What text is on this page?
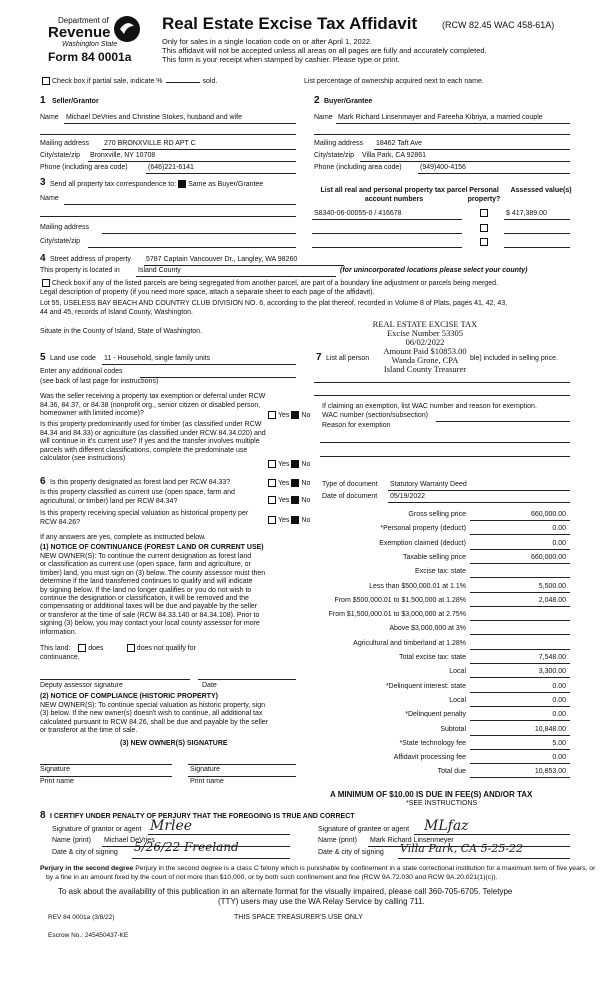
Department of
Revenue
Washington State
Form 84 0001a
Real Estate Excise Tax Affidavit	(RCW 82.45 WAC 458-61A)
Only for sales in a single location code on or after April 1, 2022.
This affidavit will not be accepted unless all areas on all pages are fully and accurately completed.
This form is your receipt when stamped by cashier. Please type or print.
Check box if partial sale, indicate %	sold.	List percentage of ownership acquired next to each name.
1 Seller/Grantor
Name Michael DeVries and Christine Stokes, husband and wife
Mailing address 270 BRONXVILLE RD APT C
City/state/zip Bronxville, NY 10708
Phone (including area code)	(646)221-6141
2 Buyer/Grantee
Name Mark Richard Linsenmayer and Fareeha Kibriya, a married couple
Mailing address 18462 Taft Ave
City/state/zip Villa Park, CA 92861
Phone (including area code)	(949)400-4156
3 Send all property tax correspondence to: Same as Buyer/Grantee
Name
Mailing address
City/state/zip
List all real and personal property tax parcel account numbers
Personal property?
Assessed value(s)
S8340-06-00055-0 / 416678	$ 417,389.00
4 Street address of property 5787 Captain Vancouver Dr., Langley, WA 98260
This property is located in	Island County	(for unincorporated locations please select your county)
Check box if any of the listed parcels are being segregated from another parcel, are part of a boundary line adjustment or parcels being merged.
Legal description of property (if you need more space, attach a separate sheet to each page of the affidavit).
Lot 55, USELESS BAY BEACH AND COUNTRY CLUB DIVISION NO. 6, according to the plat thereof, recorded in Volume 8 of Plats, pages 41, 42, 43,
44 and 45, records of Island County, Washington.
Situate in the County of Island, State of Washington.
REAL ESTATE EXCISE TAX
Excise Number 53305
06/02/2022
Amount Paid $10853.00
Wanda Grone, CPA
Island County Treasurer
5 Land use code 11 - Household, single family units
Enter any additional codes
(see back of last page for instructions)
Was the seller receiving a property tax exemption or deferral under RCW 84.36, 84.37, or 84.38 (nonprofit org., senior citizen or disabled person, homeowner with limited income)?	Yes No
Is this property predominantly used for timber (as classified under RCW 84.34 and 84.33) or agriculture (as classified under RCW 84.34.020) and will continue in it's current use? If yes and the transfer involves multiple parcels with different classifications, complete the predominate use calculator (see instructions)
Yes No
7 List all person	ble) included in selling price.
If claiming an exemption, list WAC number and reason for exemption.
WAC number (section/subsection)
Reason for exemption
6 Is this property designated as forest land per RCW 84.33?	Yes No
Is this property classified as current use (open space, farm and agricultural, or timber) land per RCW 84.34?	Yes No
Is this property receiving special valuation as historical property per RCW 84.26?	Yes No
If any answers are yes, complete as instructed below.
(1) NOTICE OF CONTINUANCE (FOREST LAND OR CURRENT USE)
NEW OWNER(S): To continue the current designation as forest land
or classification as current use (open space, farm and agriculture, or
timber) land, you must sign on (3) below. The county assessor must then
determine if the land transferred continues to qualify and will indicate
by signing below. If the land no longer qualifies or you do not wish to
continue the designation or classification, it will be removed and the
compensating or additional taxes will be due and payable by the seller
or transferor at the time of sale (RCW 84.33.140 or 84.34.108). Prior to
signing (3) below, you may contact your local county assessor for more
information.
This land:	does	does not qualify for
continuance.
Deputy assessor signature	Date
(2) NOTICE OF COMPLIANCE (HISTORIC PROPERTY)
NEW OWNER(S): To continue special valuation as historic property, sign
(3) below. If the new owner(s) doesn't wish to continue, all additional tax
calculated pursuant to RCW 84.26, shall be due and payable by the seller
or transferor at the time of sale.
(3) NEW OWNER(S) SIGNATURE
Signature	Signature
Print name	Print name
Type of document Statutory Warranty Deed
Date of document 05/19/2022
Gross selling price	660,000.00
*Personal property (deduct)	0.00
Exemption claimed (deduct)	0.00
Taxable selling price	660,000.00
Excise tax: state
Less than $500,000.01 at 1.1%	5,500.00
From $500,000.01 to $1,500,000 at 1.28%	2,048.00
From $1,500,000.01 to $3,000,000 at 2.75%
Above $3,000,000 at 3%
Agricultural and timberland at 1.28%
Total excise tax: state	7,548.00
Local	3,300.00
*Delinquent interest: state	0.00
Local	0.00
*Delinquent penalty	0.00
Subtotal	10,848.00
*State technology fee	5.00
Affidavit processing fee	0.00
Total due	10,853.00
A MINIMUM OF $10.00 IS DUE IN FEE(S) AND/OR TAX
*SEE INSTRUCTIONS
8 I CERTIFY UNDER PENALTY OF PERJURY THAT THE FOREGOING IS TRUE AND CORRECT
Signature of grantor or agent Mrlee
Name (print) Michael DeVries
Date & city of signing 5/26/22 Freeland
Signature of grantee or agent MLfaz
Name (print) Mark Richard Linsenmeyer
Date & city of signing Villa Park, CA 5-25-22
Perjury in the second degree Perjury in the second degree is a class C felony which is punishable by confinement in a state correctional institution for a maximum term of five years, or
by a fine in an amount fixed by the court of not more than $10,000, or by both such confinement and fine (RCW 9A.72.030 and RCW 9A.20.021(1)(c)).
To ask about the availability of this publication in an alternate format for the visually impaired, please call 360-705-6705. Teletype
(TTY) users may use the WA Relay Service by calling 711.
REV 84 0001a (3/8/22)	THIS SPACE TREASURER'S USE ONLY
Escrow No.: 245450437-KE
